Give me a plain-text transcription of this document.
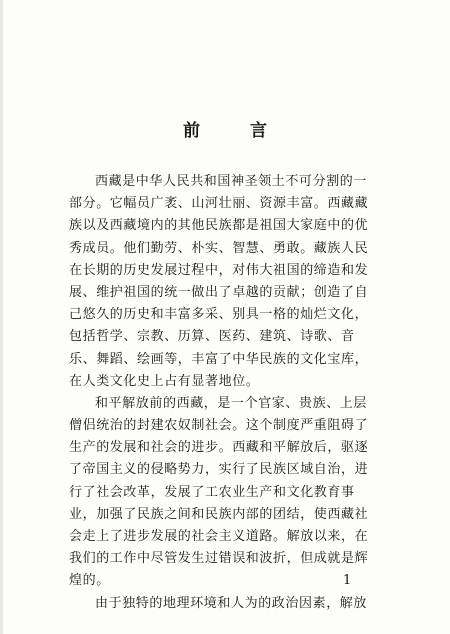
前 言
西藏是中华人民共和国神圣领土不可分割的一
部分。它幅员广袤、山河壮丽、资源丰富。西藏藏
族以及西藏境内的其他民族都是祖国大家庭中的优
秀成员。他们勤劳、朴实、智慧、勇敢。藏族人民
在长期的历史发展过程中，对伟大祖国的缔造和发
展、维护祖国的统一做出了卓越的贡献；创造了自
己悠久的历史和丰富多采、别具一格的灿烂文化，
包括哲学、宗教、历算、医药、建筑、诗歌、音
乐、舞蹈、绘画等，丰富了中华民族的文化宝库，
在人类文化史上占有显著地位。
和平解放前的西藏，是一个官家、贵族、上层
僧侣统治的封建农奴制社会。这个制度严重阻碍了
生产的发展和社会的进步。西藏和平解放后，驱逐
了帝国主义的侵略势力，实行了民族区域自治，进
行了社会改革，发展了工农业生产和文化教育事
业，加强了民族之间和民族内部的团结，使西藏社
会走上了进步发展的社会主义道路。解放以来，在
我们的工作中尽管发生过错误和波折，但成就是辉
煌的。
由于独特的地理环境和人为的政治因素，解放
1
